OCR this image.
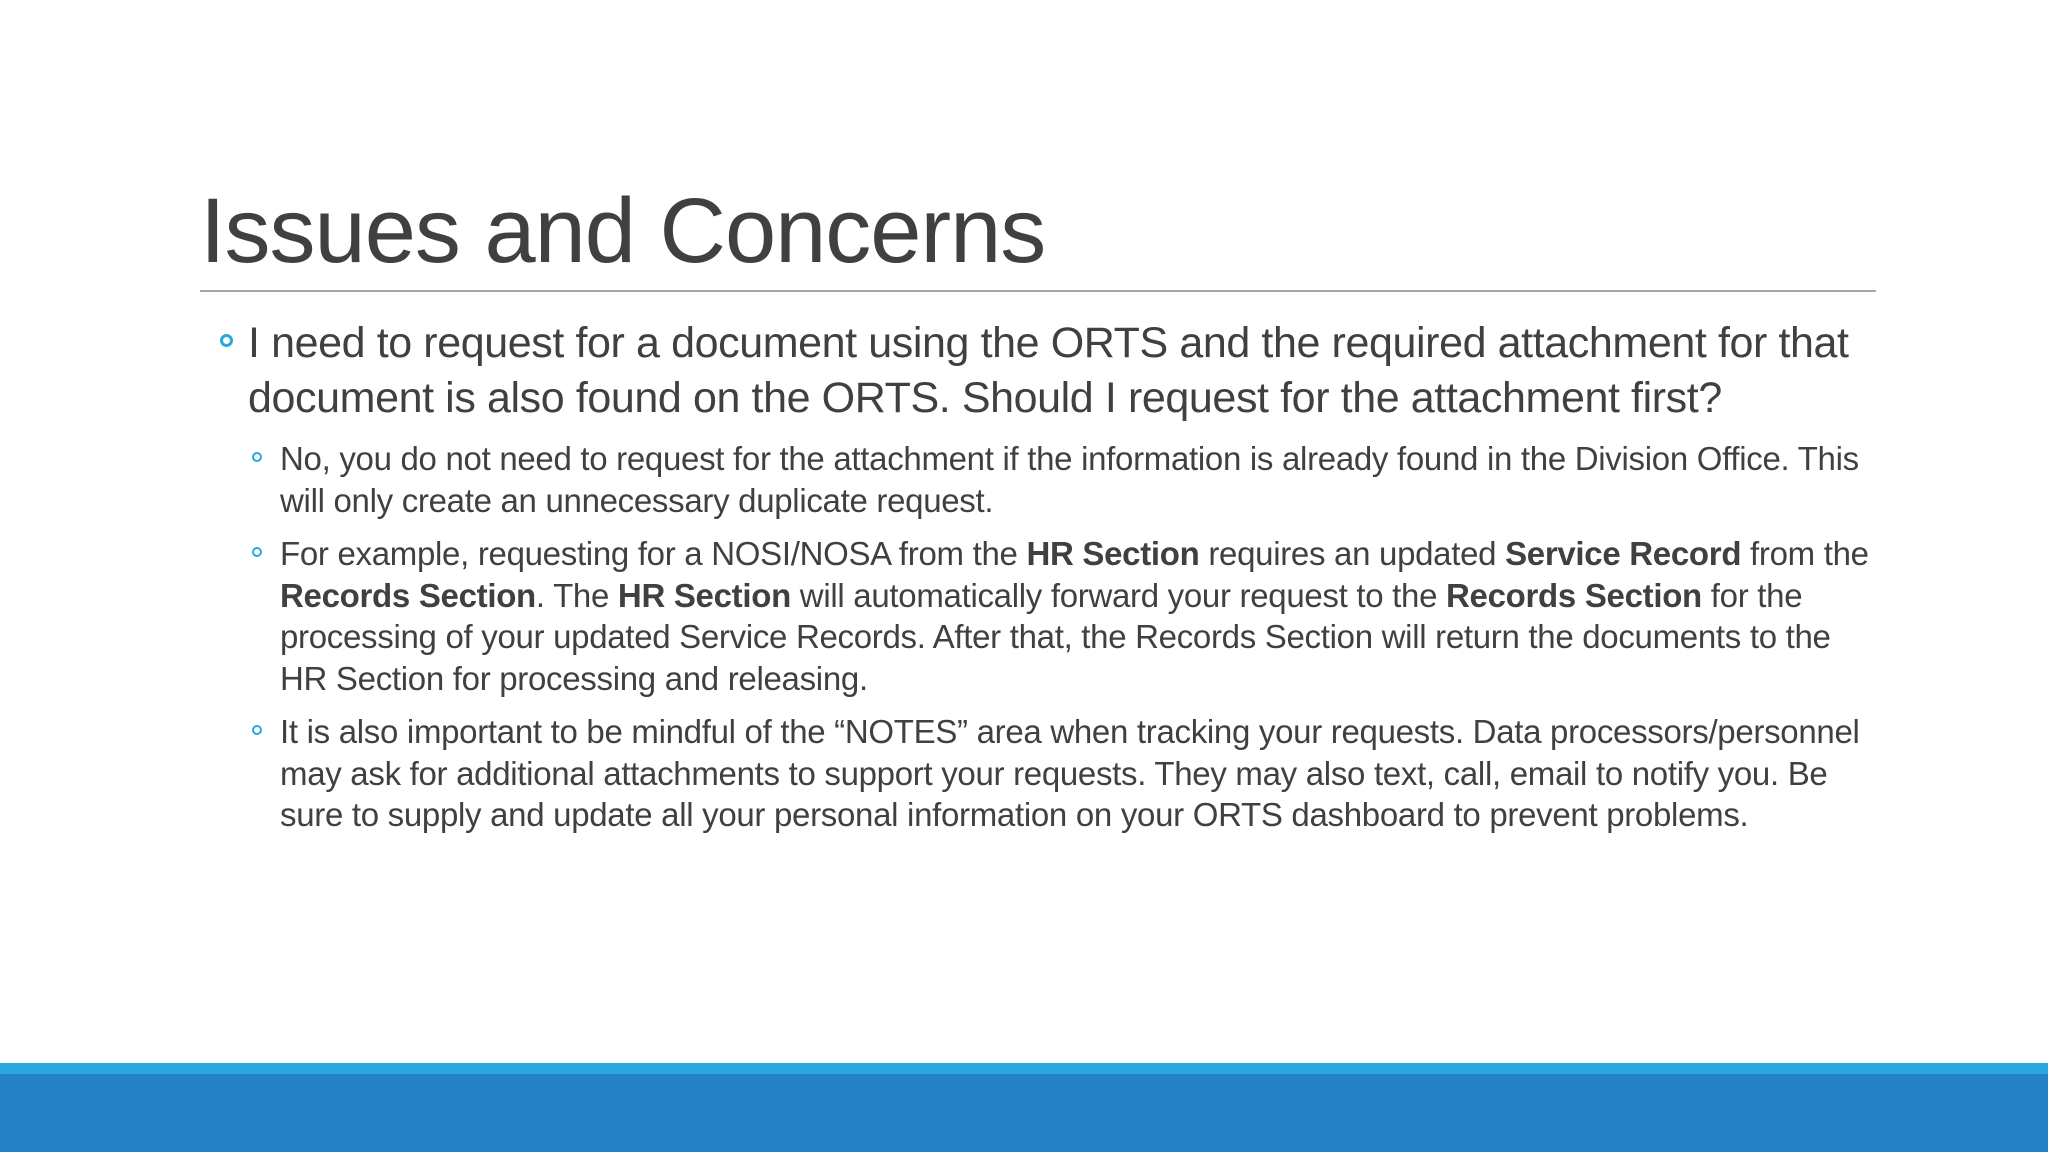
Issues and Concerns
I need to request for a document using the ORTS and the required attachment for that document is also found on the ORTS. Should I request for the attachment first?
No, you do not need to request for the attachment if the information is already found in the Division Office. This will only create an unnecessary duplicate request.
For example, requesting for a NOSI/NOSA from the HR Section requires an updated Service Record from the Records Section. The HR Section will automatically forward your request to the Records Section for the processing of your updated Service Records. After that, the Records Section will return the documents to the HR Section for processing and releasing.
It is also important to be mindful of the “NOTES” area when tracking your requests. Data processors/personnel may ask for additional attachments to support your requests. They may also text, call, email to notify you. Be sure to supply and update all your personal information on your ORTS dashboard to prevent problems.
